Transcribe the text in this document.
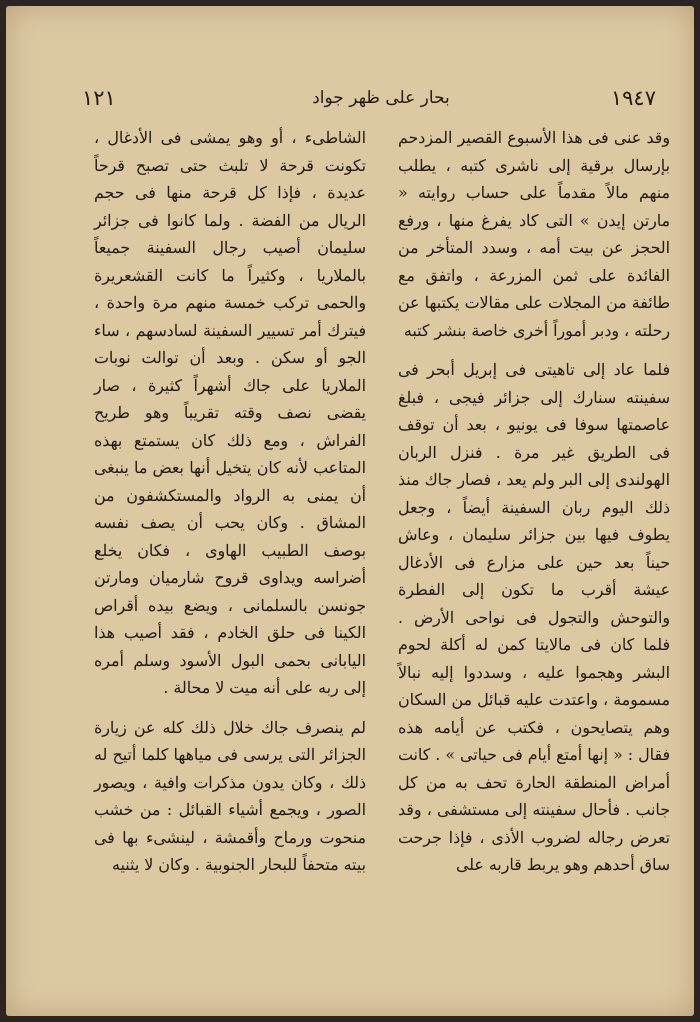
١٩٤٧
بحار على ظهر جواد
١٢١

وقد عنى فى هذا الأسبوع القصير المزدحم بإرسال برقية إلى ناشرى كتبه ، يطلب منهم مالاً مقدماً على حساب روايته « مارتن إيدن » التى كاد يفرغ منها ، ورفع الحجز عن بيت أمه ، وسدد المتأخر من الفائدة على ثمن المزرعة ، واتفق مع طائفة من المجلات على مقالات يكتبها عن رحلته ، ودبر أموراً أخرى خاصة بنشر كتبه

فلما عاد إلى تاهيتى فى إبريل أبحر فى سفينته سنارك إلى جزائر فيجى ، فبلغ عاصمتها سوفا فى يونيو ، بعد أن توقف فى الطريق غير مرة . فنزل الربان الهولندى إلى البر ولم يعد ، فصار جاك منذ ذلك اليوم ربان السفينة أيضاً ، وجعل يطوف فيها بين جزائر سليمان ، وعاش حيناً بعد حين على مزارع فى الأدغال عيشة أقرب ما تكون إلى الفطرة والتوحش والتجول فى نواحى الأرض . فلما كان فى مالايتا كمن له أكلة لحوم البشر وهجموا عليه ، وسددوا إليه نبالاً مسمومة ، واعتدت عليه قبائل من السكان وهم يتصايحون ، فكتب عن أيامه هذه فقال : « إنها أمتع أيام فى حياتى » . كانت أمراض المنطقة الحارة تحف به من كل جانب . فأحال سفينته إلى مستشفى ، وقد تعرض رجاله لضروب الأذى ، فإذا جرحت ساق أحدهم وهو يربط قاربه على

الشاطىء ، أو وهو يمشى فى الأدغال ، تكونت قرحة لا تلبث حتى تصبح قرحاً عديدة ، فإذا كل قرحة منها فى حجم الريال من الفضة . ولما كانوا فى جزائر سليمان أصيب رجال السفينة جميعاً بالملاريا ، وكثيراً ما كانت القشعريرة والحمى تركب خمسة منهم مرة واحدة ، فيترك أمر تسيير السفينة لسادسهم ، ساء الجو أو سكن . وبعد أن توالت نوبات الملاريا على جاك أشهراً كثيرة ، صار يقضى نصف وقته تقريباً وهو طريح الفراش ، ومع ذلك كان يستمتع بهذه المتاعب لأنه كان يتخيل أنها بعض ما ينبغى أن يمنى به الرواد والمستكشفون من المشاق . وكان يحب أن يصف نفسه بوصف الطبيب الهاوى ، فكان يخلع أضراسه ويداوى قروح شارميان ومارتن جونسن بالسلمانى ، ويضع بيده أقراص الكينا فى حلق الخادم ، فقد أصيب هذا اليابانى بحمى البول الأسود وسلم أمره إلى ربه على أنه ميت لا محالة .

لم ينصرف جاك خلال ذلك كله عن زيارة الجزائر التى يرسى فى مياهها كلما أتيح له ذلك ، وكان يدون مذكرات وافية ، ويصور الصور ، ويجمع أشياء القبائل : من خشب منحوت ورماح وأقمشة ، لينشىء بها فى بيته متحفاً للبحار الجنوبية . وكان لا يثنيه
